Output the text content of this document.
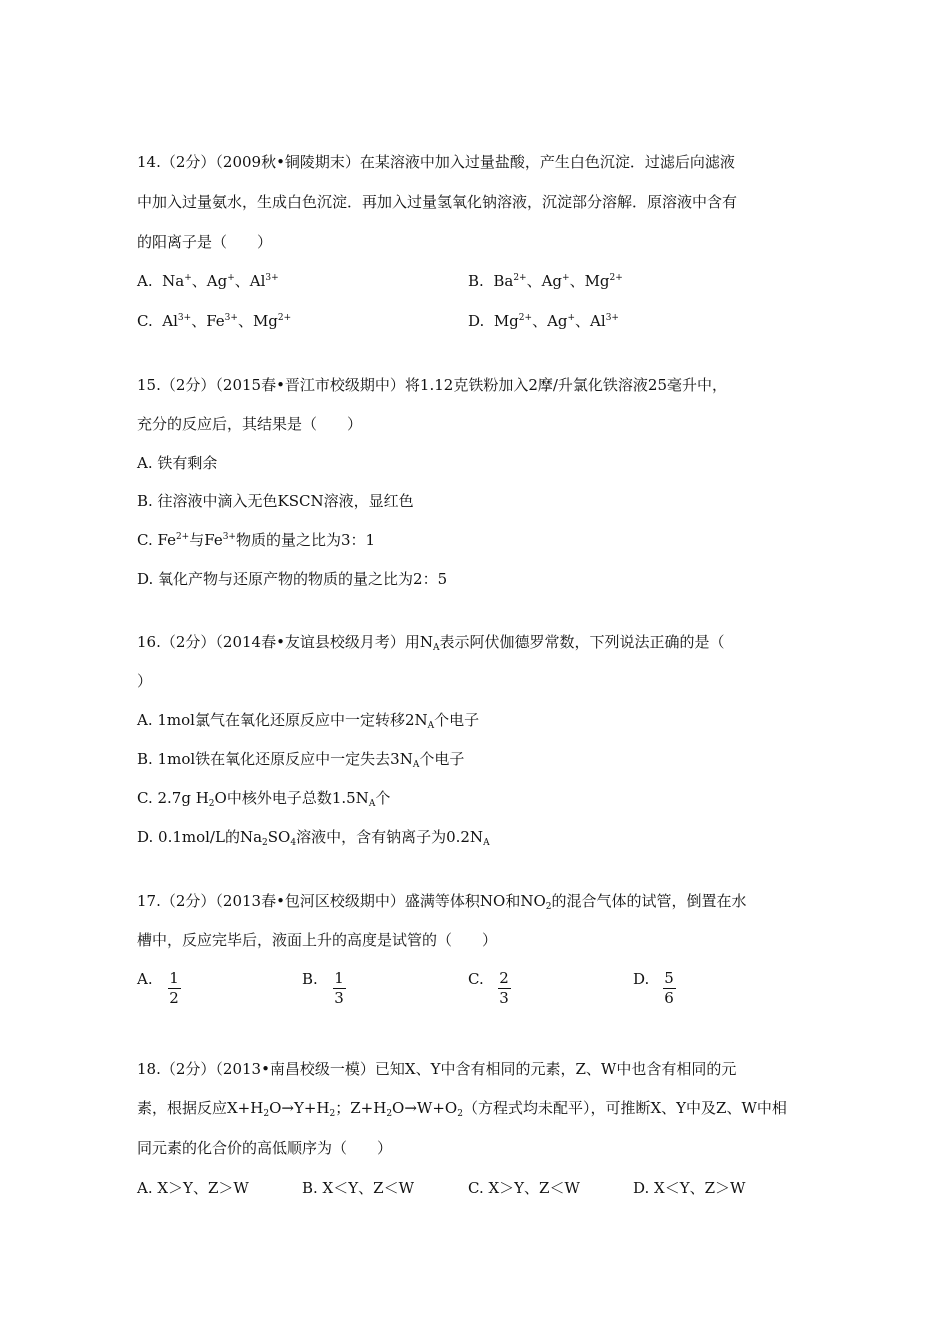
14.（2分）（2009秋•铜陵期末）在某溶液中加入过量盐酸，产生白色沉淀．过滤后向滤液
中加入过量氨水，生成白色沉淀．再加入过量氢氧化钠溶液，沉淀部分溶解．原溶液中含有
的阳离子是（　　）
A. Na+、Ag+、$Al^{3+}$	B. $Ba^{2+}$、Ag+、$Mg^{2+}$
C. $Al^{3+}$、$Fe^{3+}$、$Mg^{2+}$	D. $Mg^{2+}$、Ag+、$Al^{3+}$
15.（2分）（2015春•晋江市校级期中）将1.12克铁粉加入2摩/升氯化铁溶液25毫升中，
充分的反应后，其结果是（　　）
A. 铁有剩余
B. 往溶液中滴入无色KSCN溶液，显红色
C. $Fe^{2+}$与$Fe^{3+}$物质的量之比为3：1
D. 氧化产物与还原产物的物质的量之比为2：5
16.（2分）（2014春•友谊县校级月考）用$N_A$表示阿伏伽德罗常数，下列说法正确的是（
）
A. 1mol氯气在氧化还原反应中一定转移$2N_A$个电子
B. 1mol铁在氧化还原反应中一定失去$3N_A$个电子
C. 2.7g $H_2O$中核外电子总数$1.5N_A$个
D. 0.1mol/L的$Na_2SO_4$溶液中，含有钠离子为$0.2N_A$
17.（2分）（2013春•包河区校级期中）盛满等体积NO和$NO_2$的混合气体的试管，倒置在水
槽中，反应完毕后，液面上升的高度是试管的（　　）
A. 1
2
B. 1
3
C. 2
3
D. 5
6
18.（2分）（2013•南昌校级一模）已知X、Y中含有相同的元素，Z、W中也含有相同的元
素，根据反应$X+H_2O\to Y+H_2$；$Z+H_2O\to W+O_2$（方程式均未配平），可推断X、Y中及Z、W中相
同元素的化合价的高低顺序为（　　）
A. X＞Y、Z＞W	B. X＜Y、Z＜W	C. X＞Y、Z＜W	D. X＜Y、Z＞W
